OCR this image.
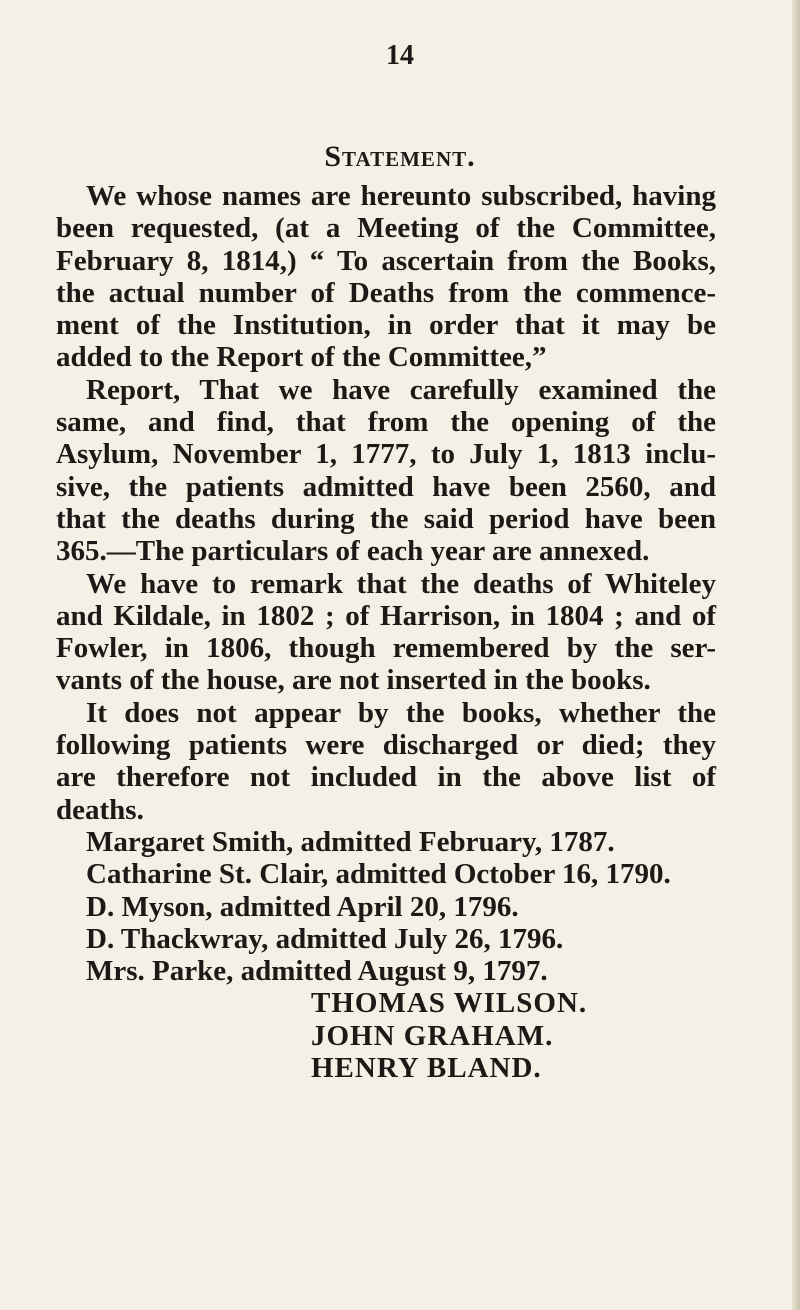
14
Statement.
We whose names are hereunto subscribed, having
been requested, (at a Meeting of the Committee,
February 8, 1814,) “ To ascertain from the Books,
the actual number of Deaths from the commence-
ment of the Institution, in order that it may be
added to the Report of the Committee,”
Report, That we have carefully examined the
same, and find, that from the opening of the
Asylum, November 1, 1777, to July 1, 1813 inclu-
sive, the patients admitted have been 2560, and
that the deaths during the said period have been
365.—The particulars of each year are annexed.
We have to remark that the deaths of Whiteley
and Kildale, in 1802 ; of Harrison, in 1804 ; and of
Fowler, in 1806, though remembered by the ser-
vants of the house, are not inserted in the books.
It does not appear by the books, whether the
following patients were discharged or died; they
are therefore not included in the above list of
deaths.
Margaret Smith, admitted February, 1787.
Catharine St. Clair, admitted October 16, 1790.
D. Myson, admitted April 20, 1796.
D. Thackwray, admitted July 26, 1796.
Mrs. Parke, admitted August 9, 1797.
THOMAS WILSON.
JOHN GRAHAM.
HENRY BLAND.
